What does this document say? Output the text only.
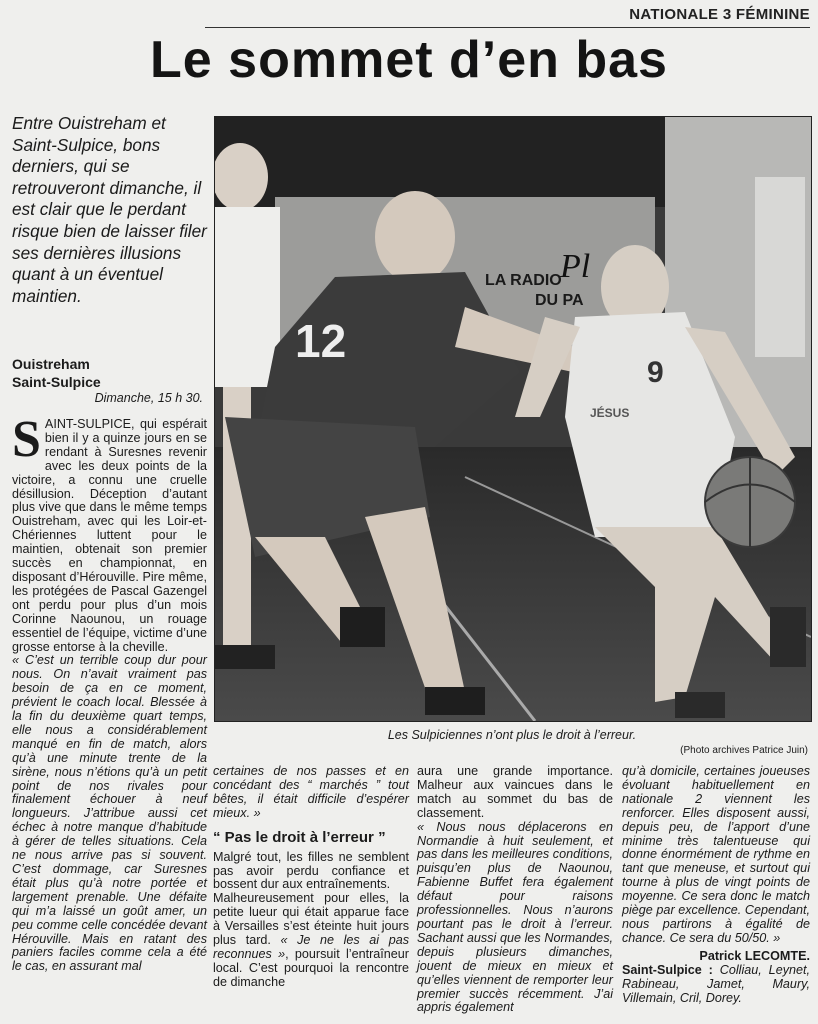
NATIONALE 3 FÉMININE
Le sommet d’en bas

Entre Ouistreham et Saint-Sulpice, bons derniers, qui se retrouveront dimanche, il est clair que le perdant risque bien de laisser filer ses dernières illusions quant à un éventuel maintien.

Ouistreham
Saint-Sulpice
Dimanche, 15 h 30.
LA RADIO
DU PA
Pl
12
9
JÉSUS
Les Sulpiciennes n’ont plus le droit à l’erreur.
(Photo archives Patrice Juin)

SAINT-SULPICE, qui espérait bien il y a quinze jours en se rendant à Suresnes revenir avec les deux points de la victoire, a connu une cruelle désillusion. Déception d’autant plus vive que dans le même temps Ouistreham, avec qui les Loir-et-Chériennes luttent pour le maintien, obtenait son premier succès en championnat, en disposant d’Hérouville. Pire même, les protégées de Pascal Gazengel ont perdu pour plus d’un mois Corinne Naounou, un rouage essentiel de l’équipe, victime d’une grosse entorse à la cheville.

« C’est un terrible coup dur pour nous. On n’avait vraiment pas besoin de ça en ce moment, prévient le coach local. Blessée à la fin du deuxième quart temps, elle nous a considérablement manqué en fin de match, alors qu’à une minute trente de la sirène, nous n’étions qu’à un petit point de nos rivales pour finalement échouer à neuf longueurs. J’attribue aussi cet échec à notre manque d’habitude à gérer de telles situations. Cela ne nous arrive pas si souvent. C’est dommage, car Suresnes était plus qu’à notre portée et largement prenable. Une défaite qui m’a laissé un goût amer, un peu comme celle concédée devant Hérouville. Mais en ratant des paniers faciles comme cela a été le cas, en assurant mal

certaines de nos passes et en concédant des “ marchés ” tout bêtes, il était difficile d’espérer mieux. »

“ Pas le droit à l’erreur ”

Malgré tout, les filles ne semblent pas avoir perdu confiance et bossent dur aux entraînements.

Malheureusement pour elles, la petite lueur qui était apparue face à Versailles s’est éteinte huit jours plus tard. « Je ne les ai pas reconnues », poursuit l’entraîneur local. C’est pourquoi la rencontre de dimanche

aura une grande importance. Malheur aux vaincues dans le match au sommet du bas de classement.

« Nous nous déplacerons en Normandie à huit seulement, et pas dans les meilleures conditions, puisqu’en plus de Naounou, Fabienne Buffet fera également défaut pour raisons professionnelles. Nous n’aurons pourtant pas le droit à l’erreur. Sachant aussi que les Normandes, depuis plusieurs dimanches, jouent de mieux en mieux et qu’elles viennent de remporter leur premier succès récemment. J’ai appris également

qu’à domicile, certaines joueuses évoluant habituellement en nationale 2 viennent les renforcer. Elles disposent aussi, depuis peu, de l’apport d’une minime très talentueuse qui donne énormément de rythme en tant que meneuse, et surtout qui tourne à plus de vingt points de moyenne. Ce sera donc le match piège par excellence. Cependant, nous partirons à égalité de chance. Ce sera du 50/50. »

Patrick LECOMTE.

Saint-Sulpice : Colliau, Leynet, Rabineau, Jamet, Maury, Villemain, Cril, Dorey.
